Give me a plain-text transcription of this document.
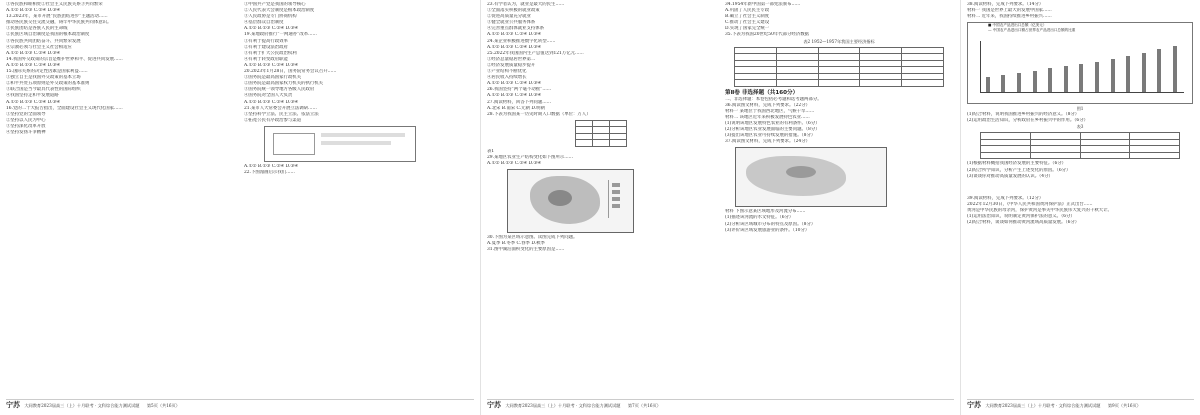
①各民族和睦相处②社会主义民族关系③共同繁荣
A.①② B.①③ C.②④ D.③④
13.2023年，某市开展“民族团结进步”主题活动……
推动各民族交往交流交融，铸牢中华民族共同体意识。
①民族团结是各族人民的生命线
②民族区域自治制度是我国的根本政治制度
③各民族共同团结奋斗、共同繁荣发展
④宗教必须与社会主义社会相适应
A.①② B.①③ C.②④ D.③④
14.我国外交政策的宗旨是维护世界和平、促进共同发展……
A.①② B.①③ C.②④ D.③④
15.国际关系的决定性因素是国家利益……
①独立自主是我国外交政策的基本立场
②和平共处五项原则是外交政策的基本准则
③联合国是当今最具代表性的国际组织
④我国坚持走和平发展道路
A.①② B.①③ C.②④ D.③④
16.党的二十大报告指出，全面建设社会主义现代化国家……
①坚持党的全面领导
②坚持以人民为中心
③坚持深化改革开放
④坚持发扬斗争精神
①中国共产党是我国的领导核心
②人民代表大会制度是根本政治制度
③人民政协是专门协商机构
④基层群众自治制度
A.①② B.①③ C.②④ D.③④
19.某地政府推行“一网通办”改革……
①有利于提高行政效率
②有利于建设法治政府
③有利于扩大公民政治权利
④有利于转变政府职能
A.①② B.①③ C.②④ D.③④
20.2023年1月28日，国务院常务会议召开……
①国务院是最高国家行政机关
②国务院是最高国家权力机关的执行机关
③国务院统一领导地方各级人民政府
④国务院对全国人大负责
A.①② B.①③ C.②④ D.③④
21.某市人大常委会开展立法调研……
①坚持科学立法、民主立法、依法立法
②拓宽公民有序政治参与渠道
A.①② B.①③ C.②④ D.③④
22.下图漫画启示我们……
宁苏 大同教育2023届高三（上）十月联考 · 文科综合能力测试试题 第5页（共16页）
23.有学者认为，就业是最大的民生……
①全面落实积极的就业政策
②促进高质量充分就业
③健全就业公共服务体系
④完善重点群体就业支持体系
A.①② B.①③ C.②④ D.③④
24.某企业积极推进数字化转型……
A.①② B.①③ C.②④ D.③④
25.2022年我国国内生产总值达到121万亿元……
①经济总量稳居世界第二
②经济发展质量稳步提升
③产业结构不断优化
④居民收入持续增长
A.①② B.①③ C.②④ D.③④
26.我国坚持“两个毫不动摇”……
A.①② B.①③ C.②④ D.③④
27.阅读材料，回答下列问题……
A.北宋 B.南宋 C.元朝 D.明朝
28.下表为我国某一历史时期人口数据（单位：万人）

表1
29.某地区农业生产结构变化如下图所示……
A.①② B.①③ C.②④ D.③④
30.下图为某区域示意图。读图完成下列问题。
A.夏季 B.冬季 C.春季 D.秋季
31.图中湖泊面积变化的主要原因是……
34.1954年新中国第一部宪法颁布……
A.巩固了人民民主专政
B.确立了社会主义制度
C.推动了社会主义建设
D.实现了国家完全统一
35.下表为我国20世纪50年代部分经济数据
表2 1952—1957年我国主要经济指标

第Ⅱ卷 非选择题（共160分）
二、非选择题：本卷包括必考题和选考题两部分。
36.阅读图文材料，完成下列要求。（22分）
材料一 某地位于我国西北地区，气候干旱……
材料二 该地区近年来积极发展特色农业……
(1)说明该地区发展特色农业的有利条件。（6分）
(2)分析该地区农业发展面临的主要问题。（8分）
(3)提出该地区农业可持续发展的措施。（8分）
37.阅读图文材料，完成下列要求。（24分）
材料 下图示意某区域地形及河流分布……
(1)描述该河流的水文特征。（6分）
(2)分析该区域城市分布的特点及原因。（8分）
(3)评价该区域发展旅游业的条件。（10分）
宁苏 大同教育2023届高三（上）十月联考 · 文科综合能力测试试题 第7页（共16页）
38.阅读材料，完成下列要求。（14分）
材料一 我国是世界上最大的发展中国家……
材料二 近年来，我国持续推进乡村振兴……
■ 中国农产品进出口总额（亿美元）
— 中国农产品进出口额占世界农产品进出口总额的比重
图1
(1)结合材料，说明我国推进乡村振兴的经济意义。（8分）
(2)运用政治生活知识，分析政府在乡村振兴中的作用。（6分）
表3

(1)根据材料概括我国经济发展的主要特征。（6分）
(2)结合所学知识，分析产生上述变化的原因。（6分）
(3)谈谈你对推动高质量发展的认识。（4分）
39.阅读材料，完成下列要求。（12分）
2022年12月30日，《中华人民共和国黄河保护法》正式出台……
黄河是中华民族的母亲河，保护黄河是事关中华民族伟大复兴的千秋大计。
(1)运用法治知识，说明制定黄河保护法的意义。（6分）
(2)结合材料，谈谈如何推动黄河流域高质量发展。（6分）
宁苏 大同教育2023届高三（上）十月联考 · 文科综合能力测试试题 第9页（共16页）
